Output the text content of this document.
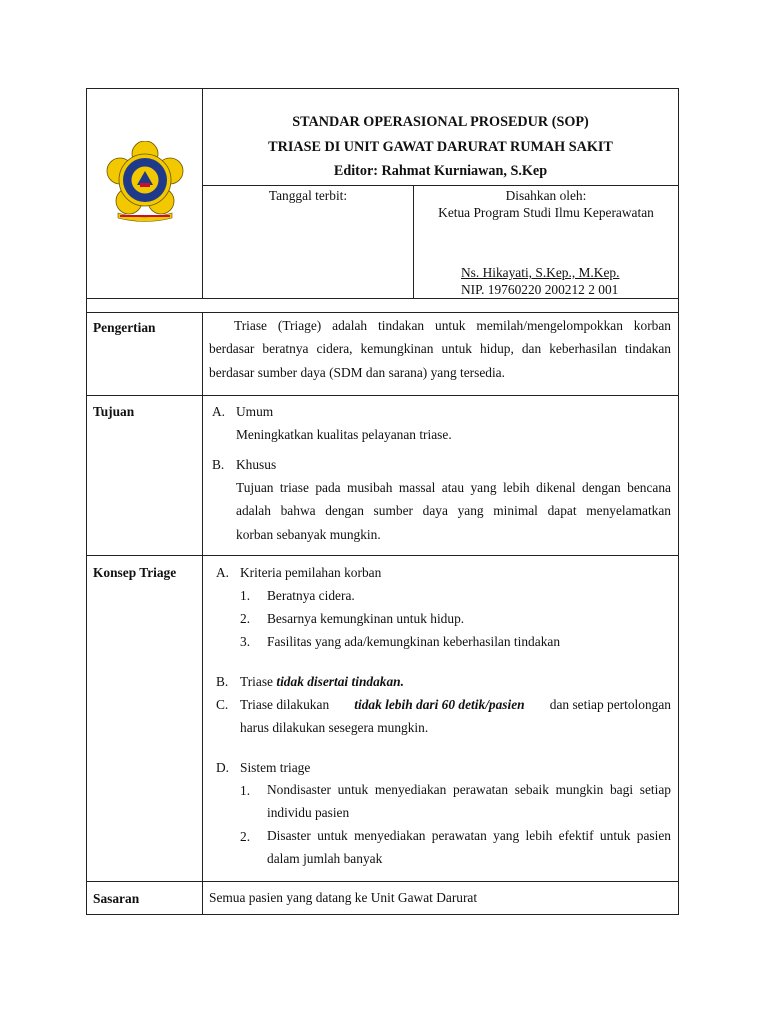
STANDAR OPERASIONAL PROSEDUR (SOP)
TRIASE DI UNIT GAWAT DARURAT RUMAH SAKIT
Editor: Rahmat Kurniawan, S.Kep
Tanggal terbit:	Disahkan oleh:
Ketua Program Studi Ilmu Keperawatan
Ns. Hikayati, S.Kep., M.Kep.
NIP. 19760220 200212 2 001
Pengertian	Triase (Triage) adalah tindakan untuk memilah/mengelompokkan korban
berdasar beratnya cidera, kemungkinan untuk hidup, dan keberhasilan tindakan
berdasar sumber daya (SDM dan sarana) yang tersedia.
Tujuan	A. Umum
Meningkatkan kualitas pelayanan triase.
B. Khusus
Tujuan triase pada musibah massal atau yang lebih dikenal dengan bencana
adalah bahwa dengan sumber daya yang minimal dapat menyelamatkan
korban sebanyak mungkin.
Konsep Triage	A. Kriteria pemilahan korban
1. Beratnya cidera.
2. Besarnya kemungkinan untuk hidup.
3. Fasilitas yang ada/kemungkinan keberhasilan tindakan
B. Triase tidak disertai tindakan.
C. Triase dilakukan tidak lebih dari 60 detik/pasien dan setiap pertolongan
harus dilakukan sesegera mungkin.
D. Sistem triage
1. Nondisaster untuk menyediakan perawatan sebaik mungkin bagi setiap
individu pasien
2. Disaster untuk menyediakan perawatan yang lebih efektif untuk pasien
dalam jumlah banyak
Sasaran	Semua pasien yang datang ke Unit Gawat Darurat
